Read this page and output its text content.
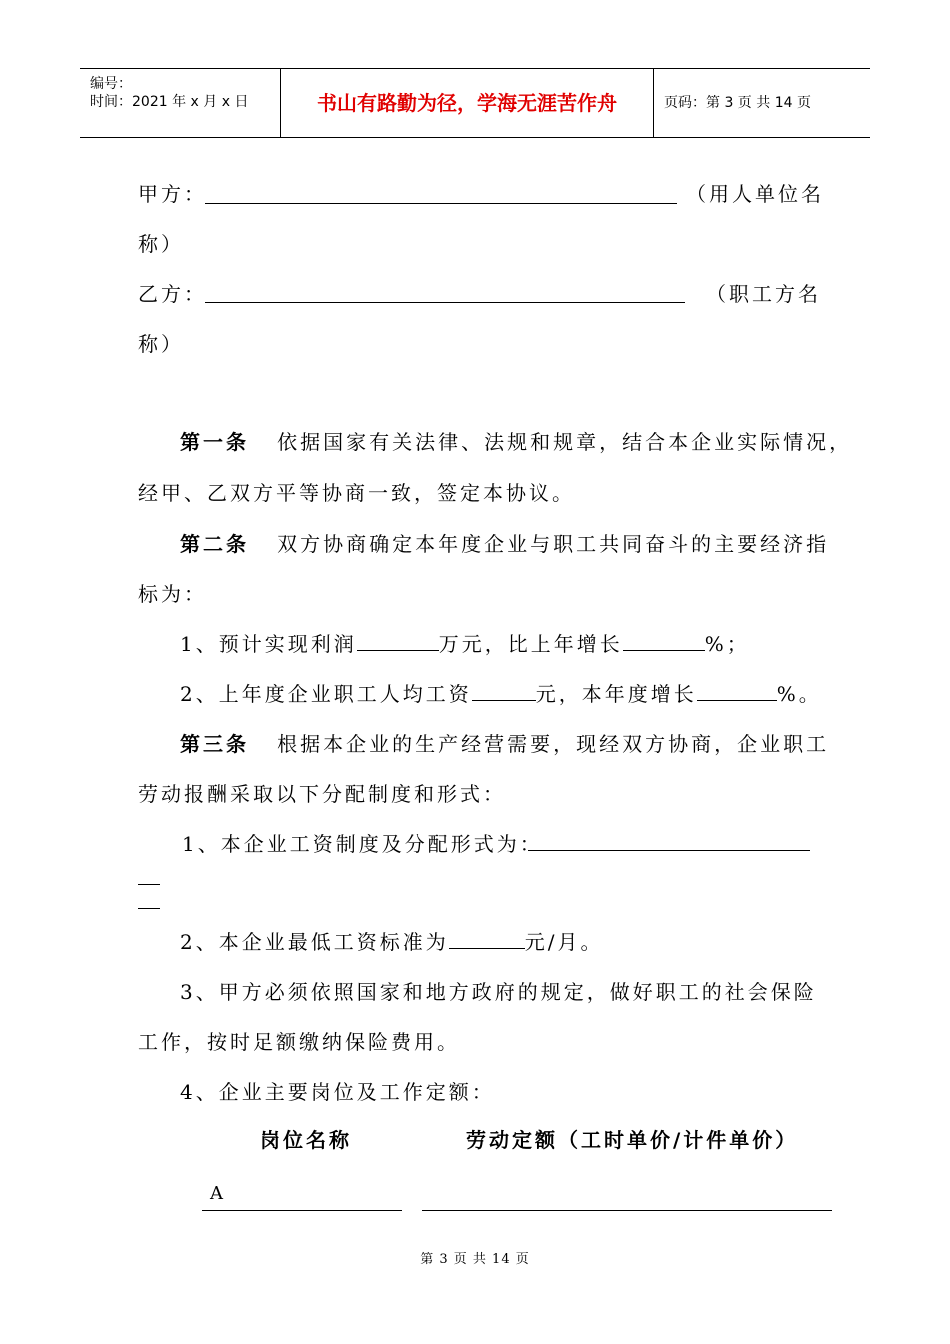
编号：
时间：2021 年 x 月 x 日	书山有路勤为径，学海无涯苦作舟	页码：第 3 页 共 14 页
甲方：	（用人单位名
称）
乙方：	（职工方名
称）
第一条 依据国家有关法律、法规和规章，结合本企业实际情况，
经甲、乙双方平等协商一致，签定本协议。
第二条 双方协商确定本年度企业与职工共同奋斗的主要经济指
标为：
1、预计实现利润	万元，比上年增长	%；
2、上年度企业职工人均工资	元，本年度增长	%。
第三条 根据本企业的生产经营需要，现经双方协商，企业职工
劳动报酬采取以下分配制度和形式：
1、本企业工资制度及分配形式为：
2、本企业最低工资标准为	元/月。
3、甲方必须依照国家和地方政府的规定，做好职工的社会保险
工作，按时足额缴纳保险费用。
4、企业主要岗位及工作定额：
岗位名称	劳动定额（工时单价/计件单价）
A
第 3 页 共 14 页
